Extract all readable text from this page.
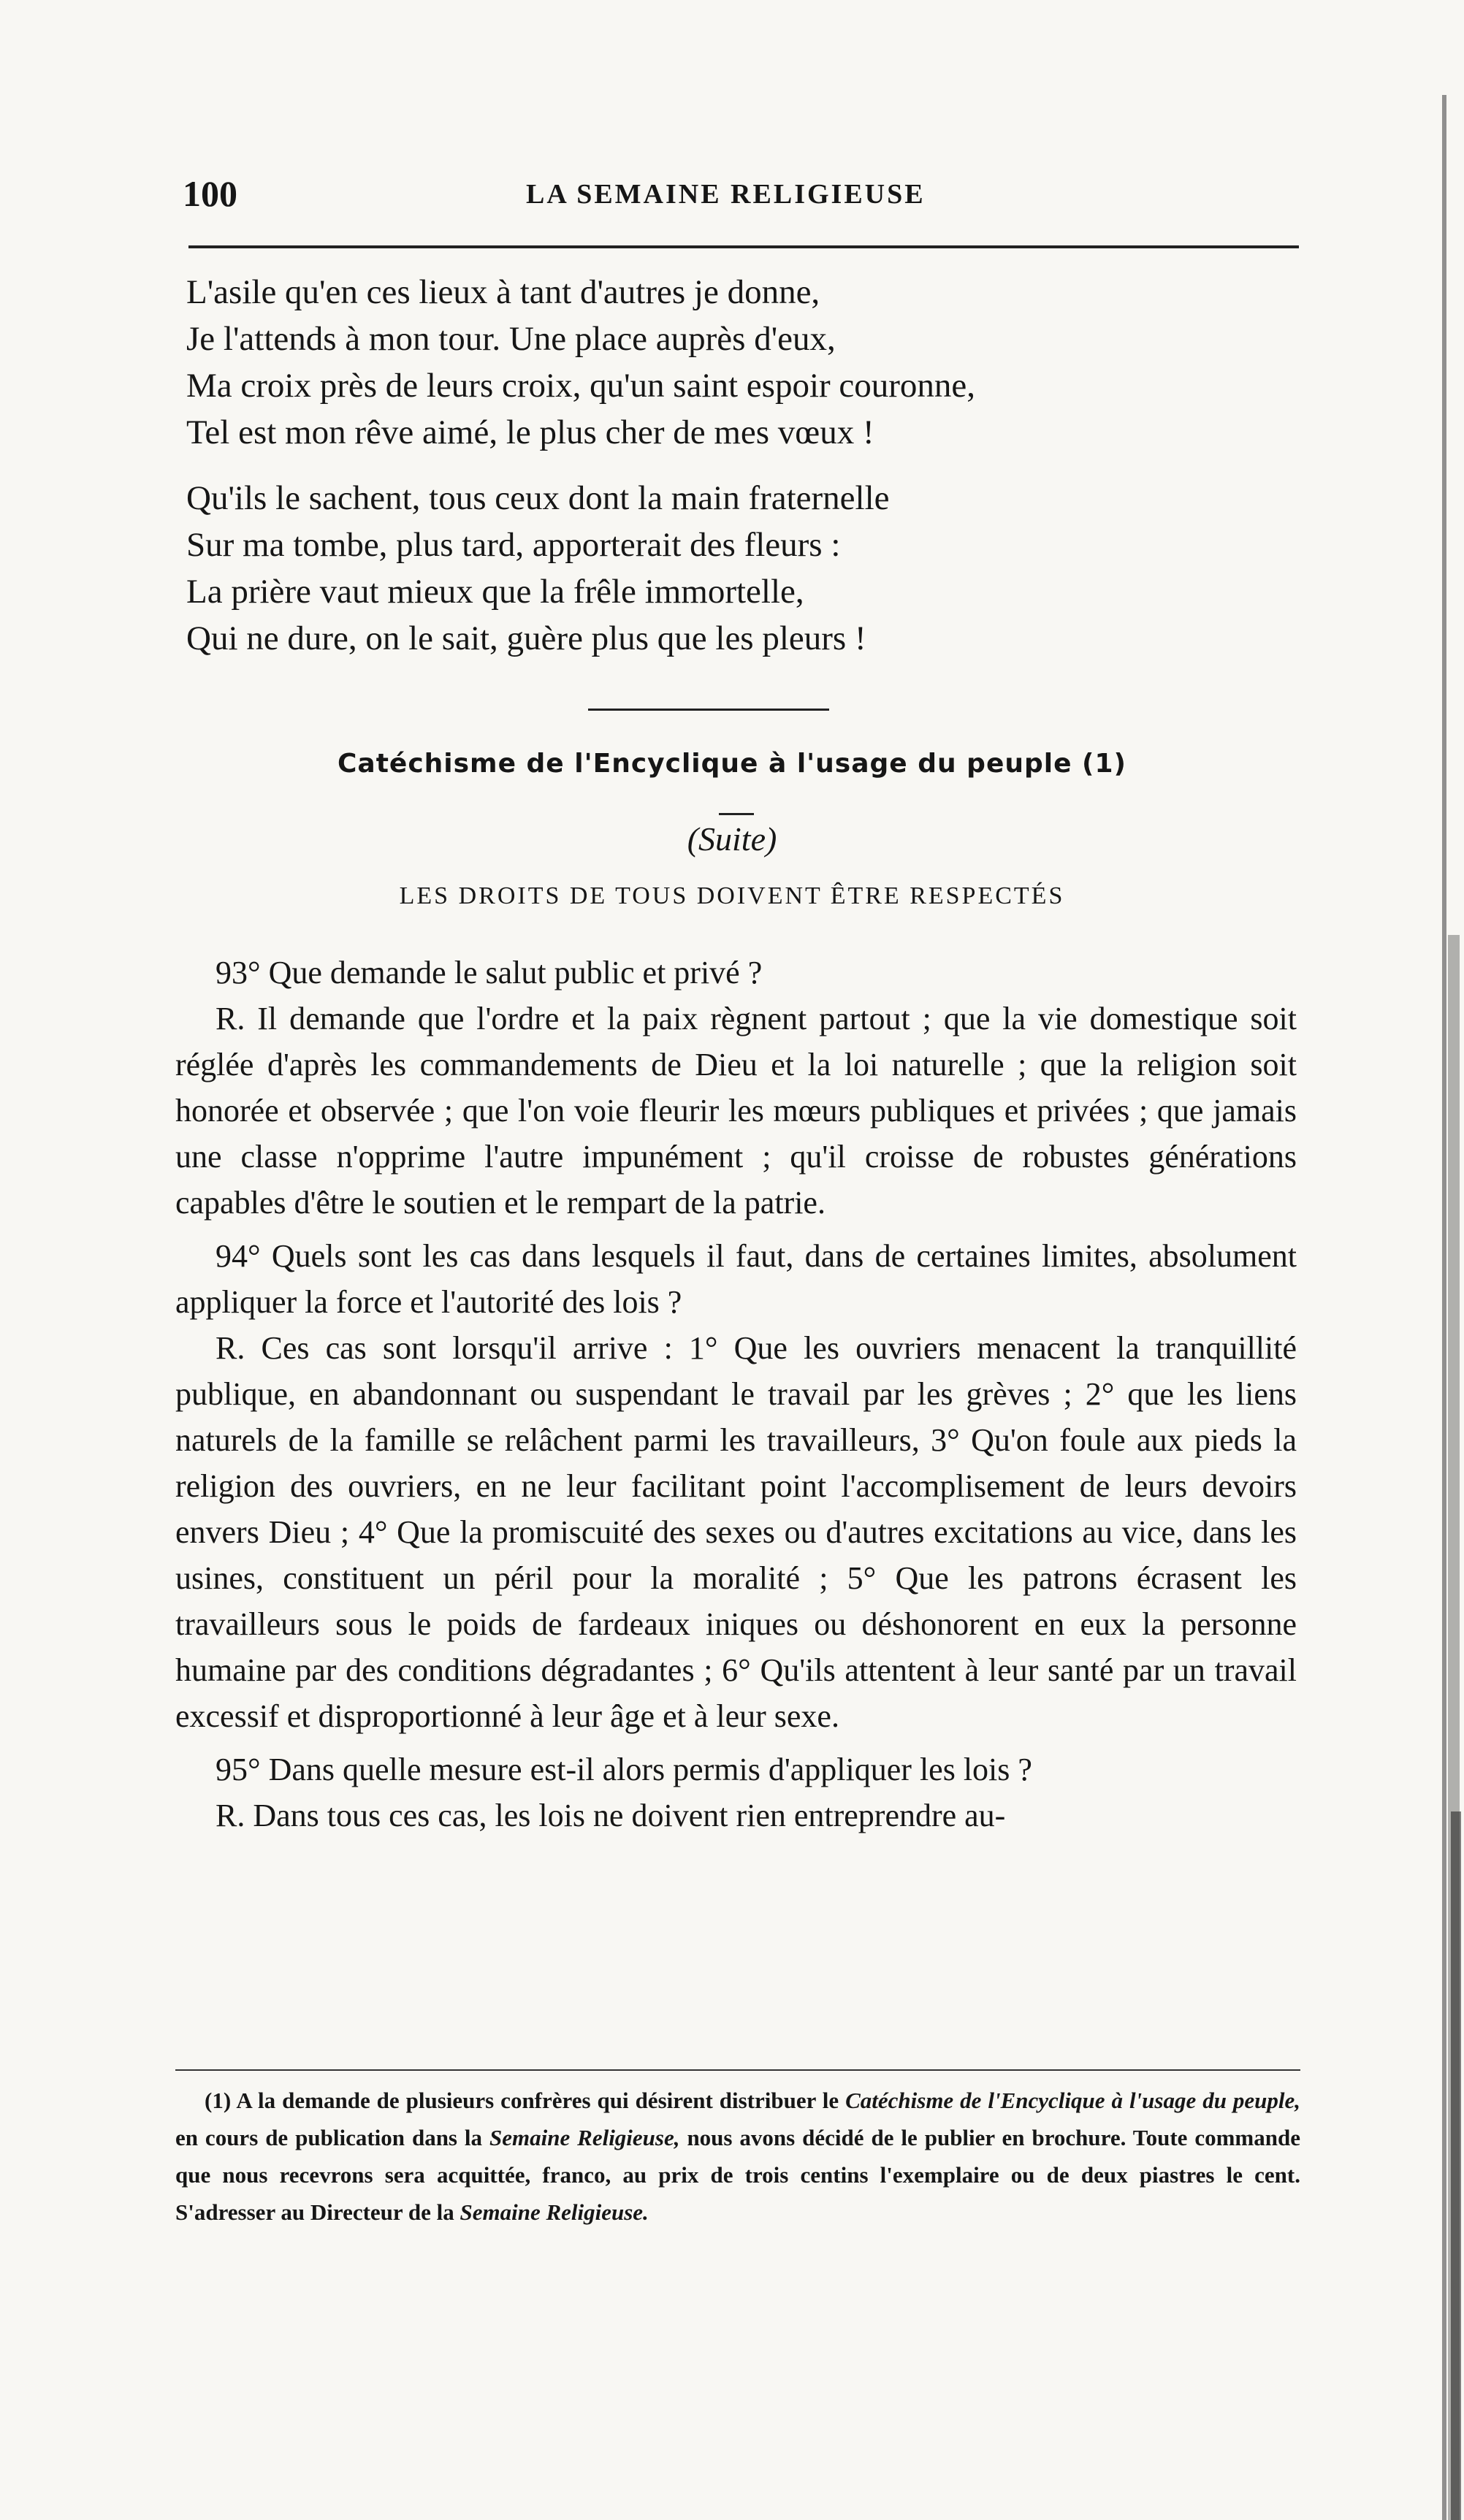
100	LA SEMAINE RELIGIEUSE
L'asile qu'en ces lieux à tant d'autres je donne,
Je l'attends à mon tour. Une place auprès d'eux,
Ma croix près de leurs croix, qu'un saint espoir couronne,
Tel est mon rêve aimé, le plus cher de mes vœux !
Qu'ils le sachent, tous ceux dont la main fraternelle
Sur ma tombe, plus tard, apporterait des fleurs :
La prière vaut mieux que la frêle immortelle,
Qui ne dure, on le sait, guère plus que les pleurs !
Catéchisme de l'Encyclique à l'usage du peuple (1)
(Suite)
LES DROITS DE TOUS DOIVENT ÊTRE RESPECTÉS

93° Que demande le salut public et privé ?

R. Il demande que l'ordre et la paix règnent partout ; que la vie domestique soit réglée d'après les commandements de Dieu et la loi naturelle ; que la religion soit honorée et observée ; que l'on voie fleurir les mœurs publiques et privées ; que jamais une classe n'opprime l'autre impunément ; qu'il croisse de robustes générations capables d'être le soutien et le rempart de la patrie.

94° Quels sont les cas dans lesquels il faut, dans de certaines limites, absolument appliquer la force et l'autorité des lois ?

R. Ces cas sont lorsqu'il arrive : 1° Que les ouvriers menacent la tranquillité publique, en abandonnant ou suspendant le travail par les grèves ; 2° que les liens naturels de la famille se relâchent parmi les travailleurs, 3° Qu'on foule aux pieds la religion des ouvriers, en ne leur facilitant point l'accomplisement de leurs devoirs envers Dieu ; 4° Que la promiscuité des sexes ou d'autres excitations au vice, dans les usines, constituent un péril pour la moralité ; 5° Que les patrons écrasent les travailleurs sous le poids de fardeaux iniques ou déshonorent en eux la personne humaine par des conditions dégradantes ; 6° Qu'ils attentent à leur santé par un travail excessif et disproportionné à leur âge et à leur sexe.

95° Dans quelle mesure est-il alors permis d'appliquer les lois ?

R. Dans tous ces cas, les lois ne doivent rien entreprendre au-

(1) A la demande de plusieurs confrères qui désirent distribuer le Catéchisme de l'Encyclique à l'usage du peuple, en cours de publication dans la Semaine Religieuse, nous avons décidé de le publier en brochure. Toute commande que nous recevrons sera acquittée, franco, au prix de trois centins l'exemplaire ou de deux piastres le cent. S'adresser au Directeur de la Semaine Religieuse.
